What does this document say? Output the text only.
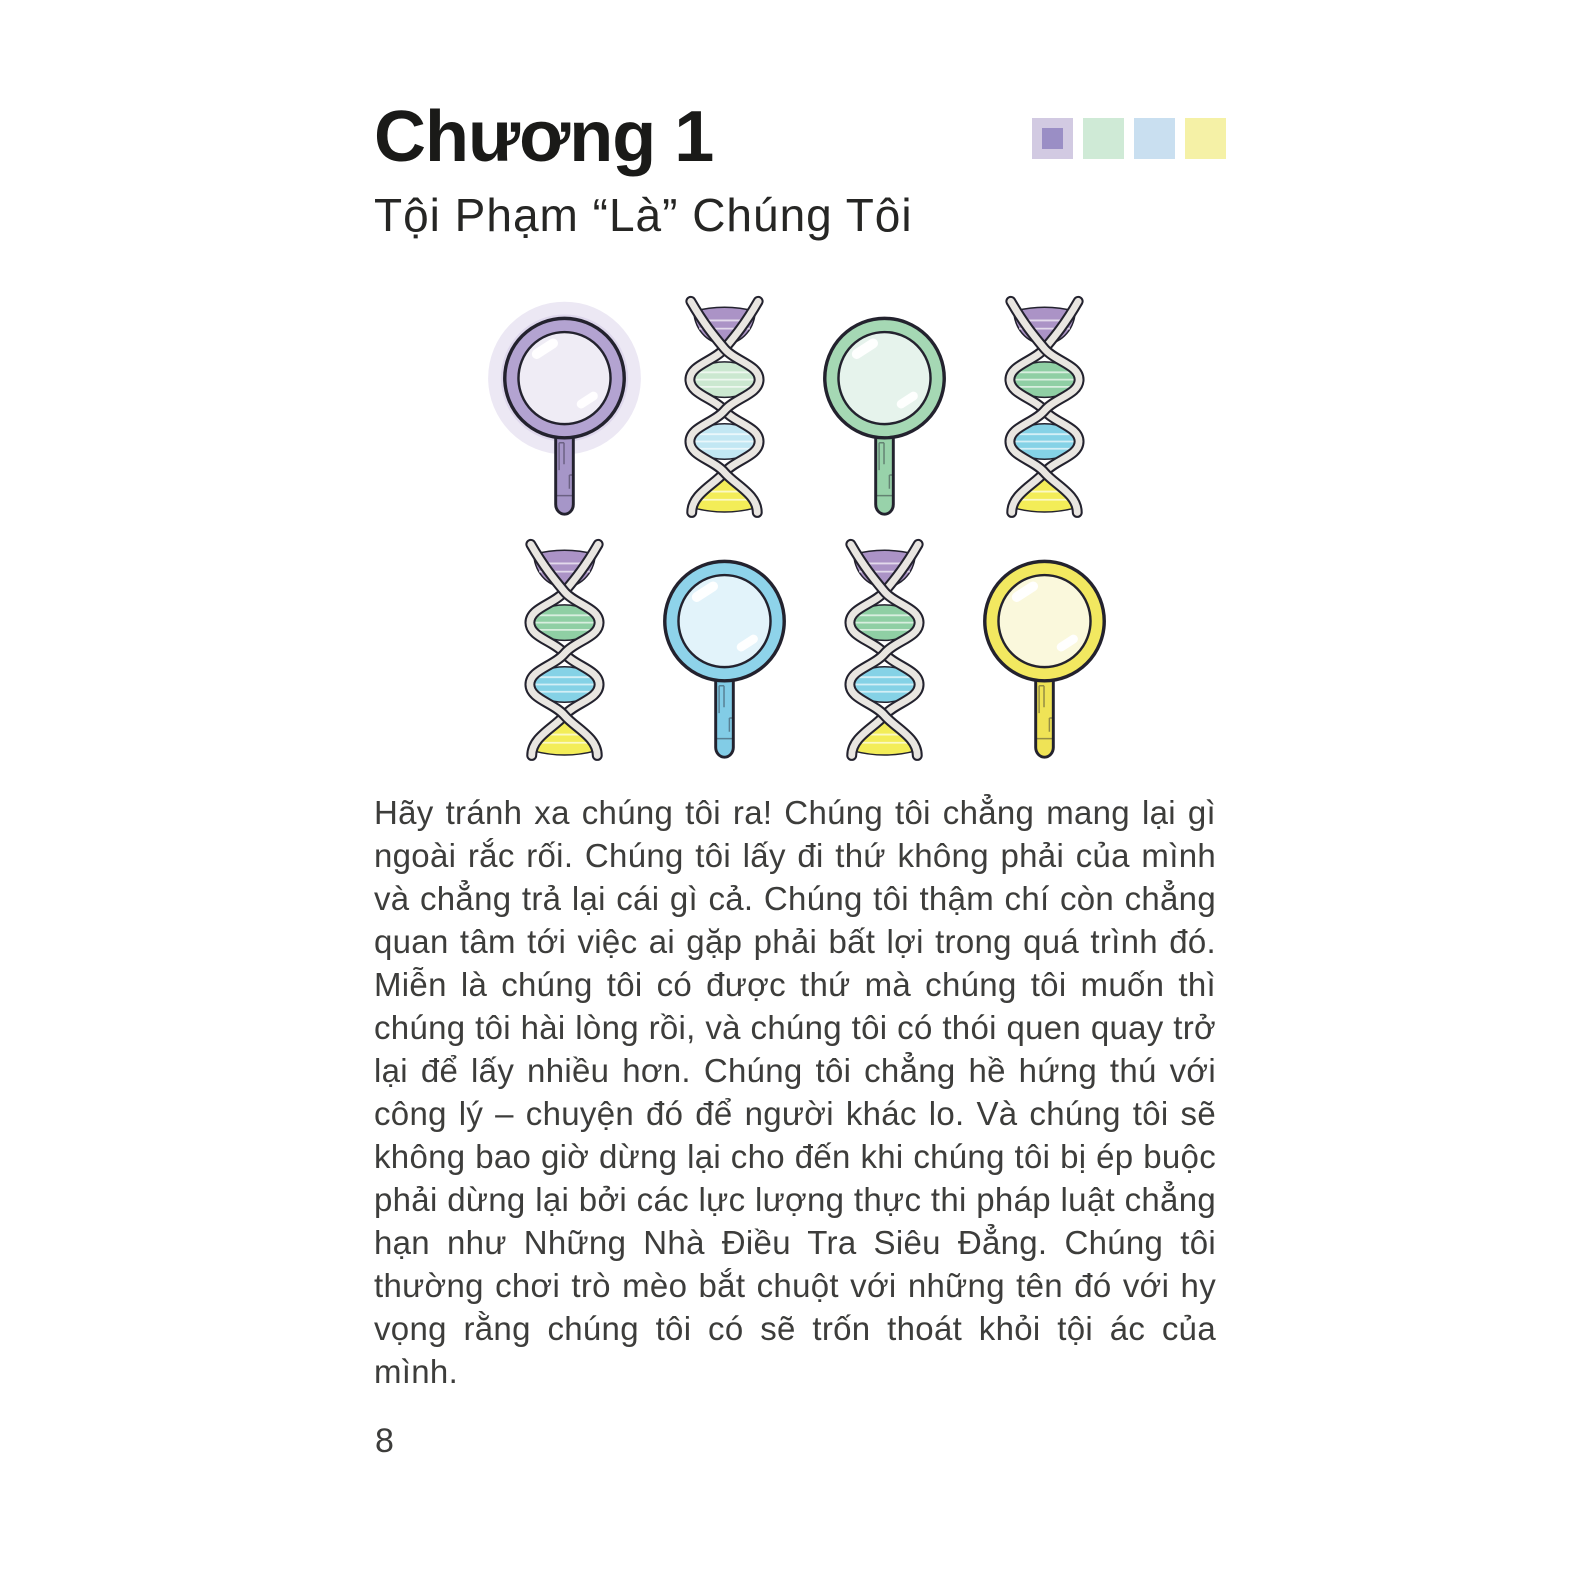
Chương 1
Tội Phạm “Là” Chúng Tôi

Hãy tránh xa chúng tôi ra! Chúng tôi chẳng mang lại gì ngoài rắc rối. Chúng tôi lấy đi thứ không phải của mình và chẳng trả lại cái gì cả. Chúng tôi thậm chí còn chẳng quan tâm tới việc ai gặp phải bất lợi trong quá trình đó. Miễn là chúng tôi có được thứ mà chúng tôi muốn thì chúng tôi hài lòng rồi, và chúng tôi có thói quen quay trở lại để lấy nhiều hơn. Chúng tôi chẳng hề hứng thú với công lý – chuyện đó để người khác lo. Và chúng tôi sẽ không bao giờ dừng lại cho đến khi chúng tôi bị ép buộc phải dừng lại bởi các lực lượng thực thi pháp luật chẳng hạn như Những Nhà Điều Tra Siêu Đẳng. Chúng tôi thường chơi trò mèo bắt chuột với những tên đó với hy vọng rằng chúng tôi có sẽ trốn thoát khỏi tội ác của mình.

8
